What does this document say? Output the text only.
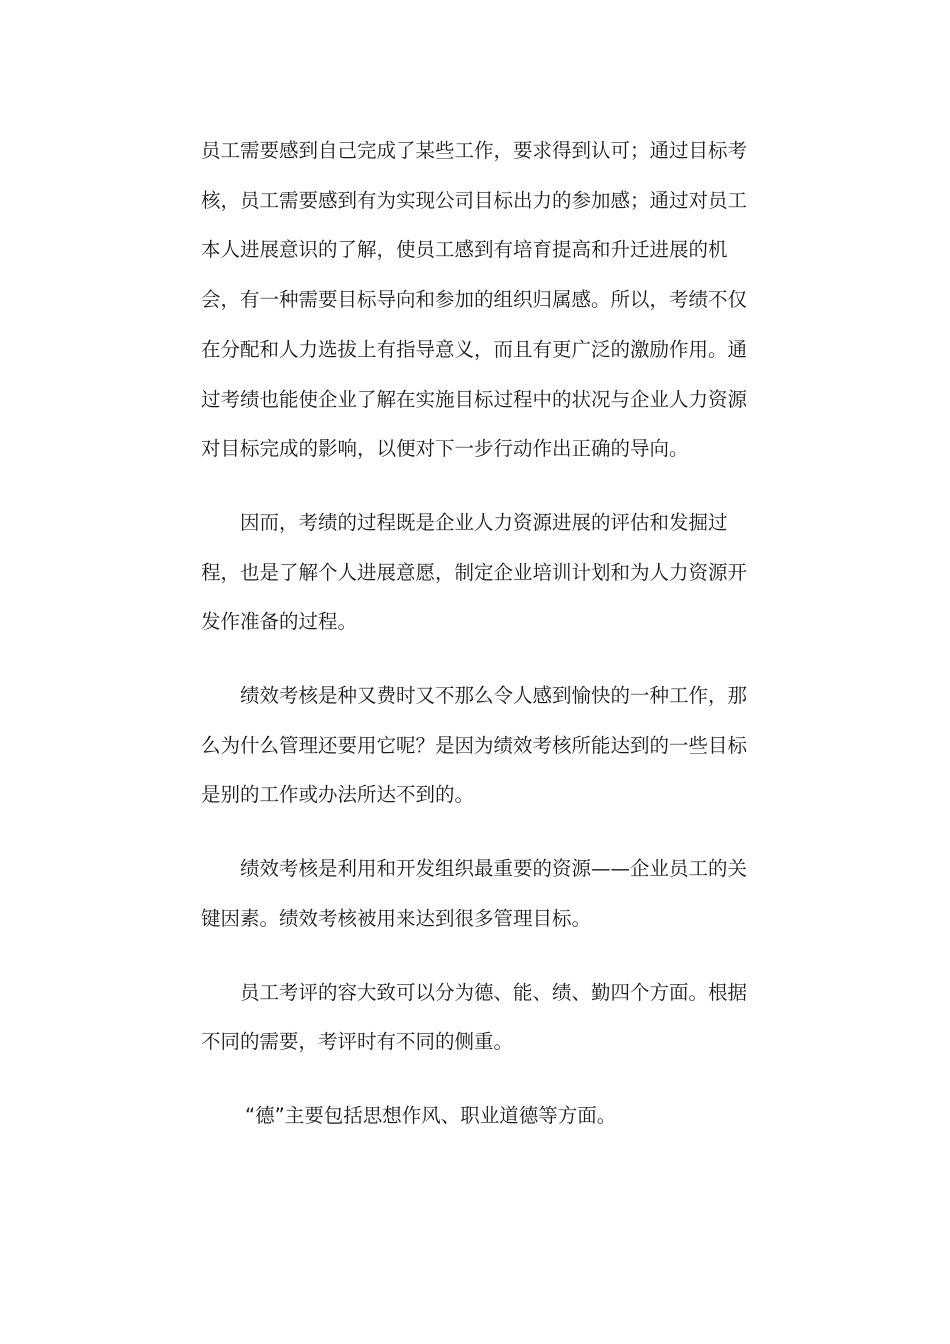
员工需要感到自己完成了某些工作，要求得到认可；通过目标考核，员工需要感到有为实现公司目标出力的参加感；通过对员工本人进展意识的了解，使员工感到有培育提高和升迁进展的机会，有一种需要目标导向和参加的组织归属感。所以，考绩不仅在分配和人力选拔上有指导意义，而且有更广泛的激励作用。通过考绩也能使企业了解在实施目标过程中的状况与企业人力资源对目标完成的影响，以便对下一步行动作出正确的导向。

因而，考绩的过程既是企业人力资源进展的评估和发掘过程，也是了解个人进展意愿，制定企业培训计划和为人力资源开发作准备的过程。

绩效考核是种又费时又不那么令人感到愉快的一种工作，那么为什么管理还要用它呢？是因为绩效考核所能达到的一些目标是别的工作或办法所达不到的。

绩效考核是利用和开发组织最重要的资源——企业员工的关键因素。绩效考核被用来达到很多管理目标。

员工考评的容大致可以分为德、能、绩、勤四个方面。根据不同的需要，考评时有不同的侧重。

“德”主要包括思想作风、职业道德等方面。
